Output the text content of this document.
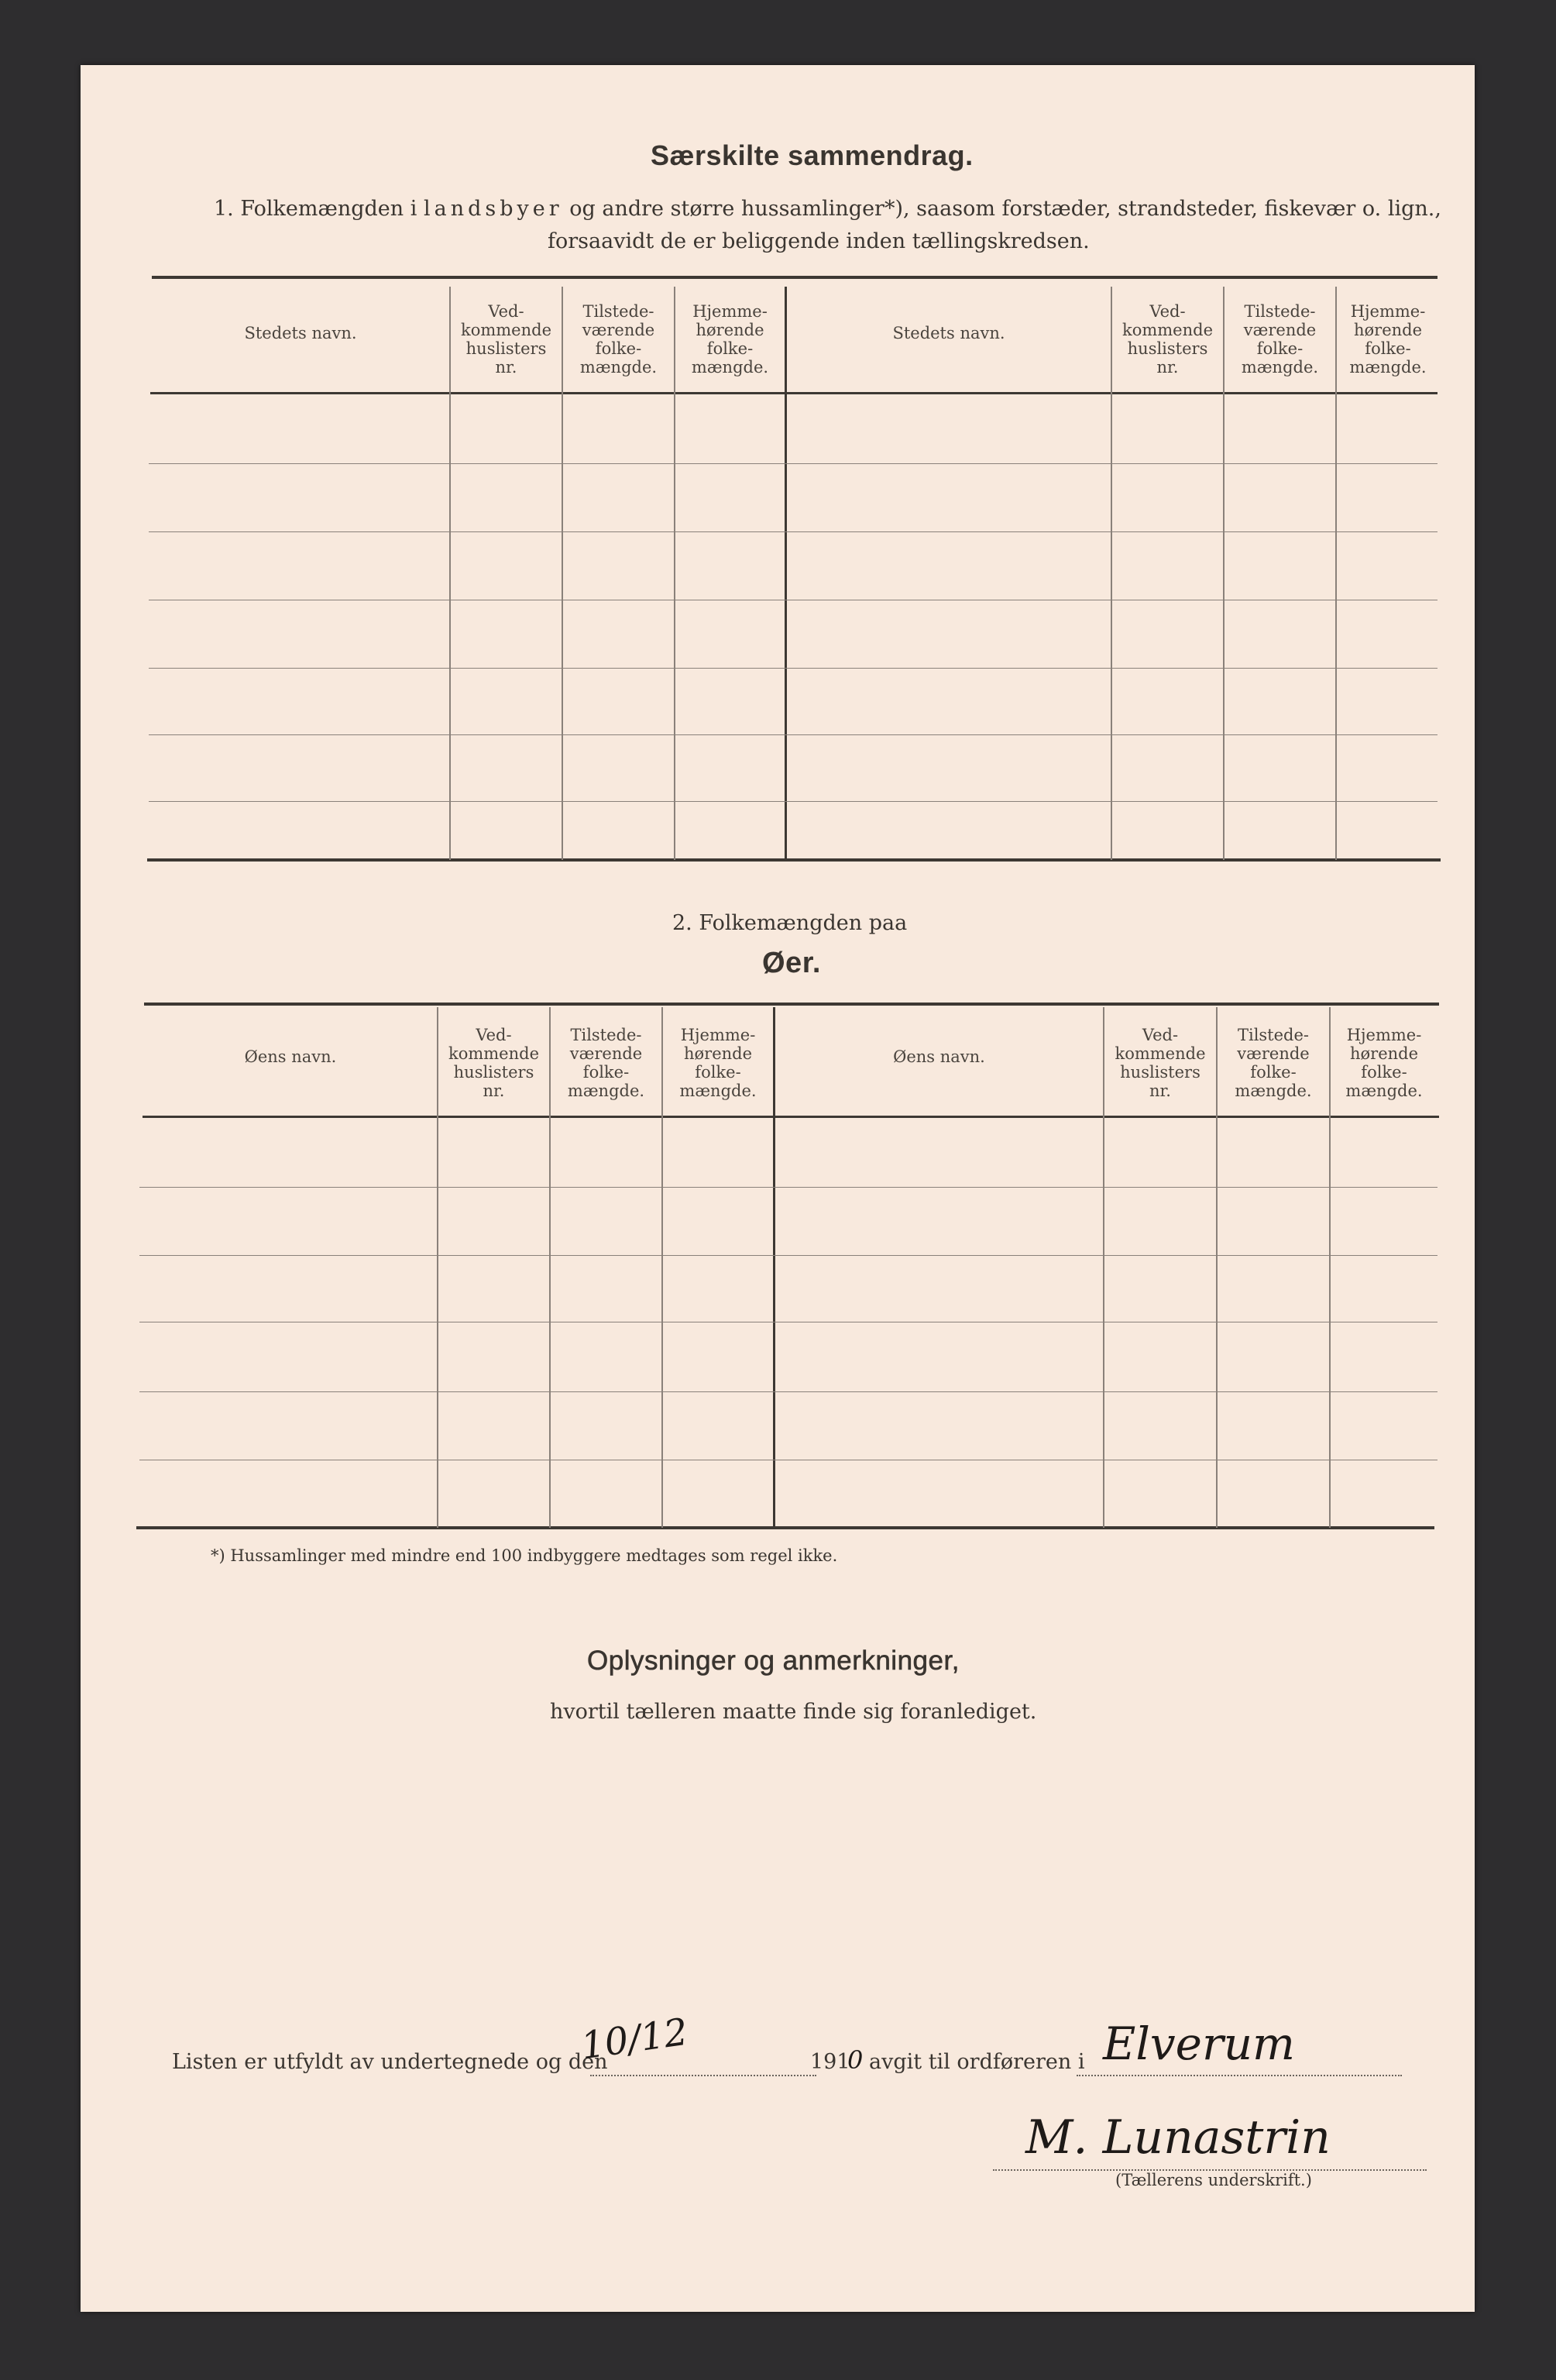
Særskilte sammendrag.
1. Folkemængden i landsbyer og andre større hussamlinger*), saasom forstæder, strandsteder, fiskevær o. lign.,
forsaavidt de er beliggende inden tællingskredsen.
Stedets navn.
Ved-
kommende
huslisters
nr.
Tilstede-
værende
folke-
mængde.
Hjemme-
hørende
folke-
mængde.
Stedets navn.
Ved-
kommende
huslisters
nr.
Tilstede-
værende
folke-
mængde.
Hjemme-
hørende
folke-
mængde.
2. Folkemængden paa
Øer.
Øens navn.
Ved-
kommende
huslisters
nr.
Tilstede-
værende
folke-
mængde.
Hjemme-
hørende
folke-
mængde.
Øens navn.
Ved-
kommende
huslisters
nr.
Tilstede-
værende
folke-
mængde.
Hjemme-
hørende
folke-
mængde.
*) Hussamlinger med mindre end 100 indbyggere medtages som regel ikke.
Oplysninger og anmerkninger,
hvortil tælleren maatte finde sig foranlediget.
Listen er utfyldt av undertegnede og den
10/12	191
0 avgit til ordføreren i Elverum
M. Lunastrin
(Tællerens underskrift.)
